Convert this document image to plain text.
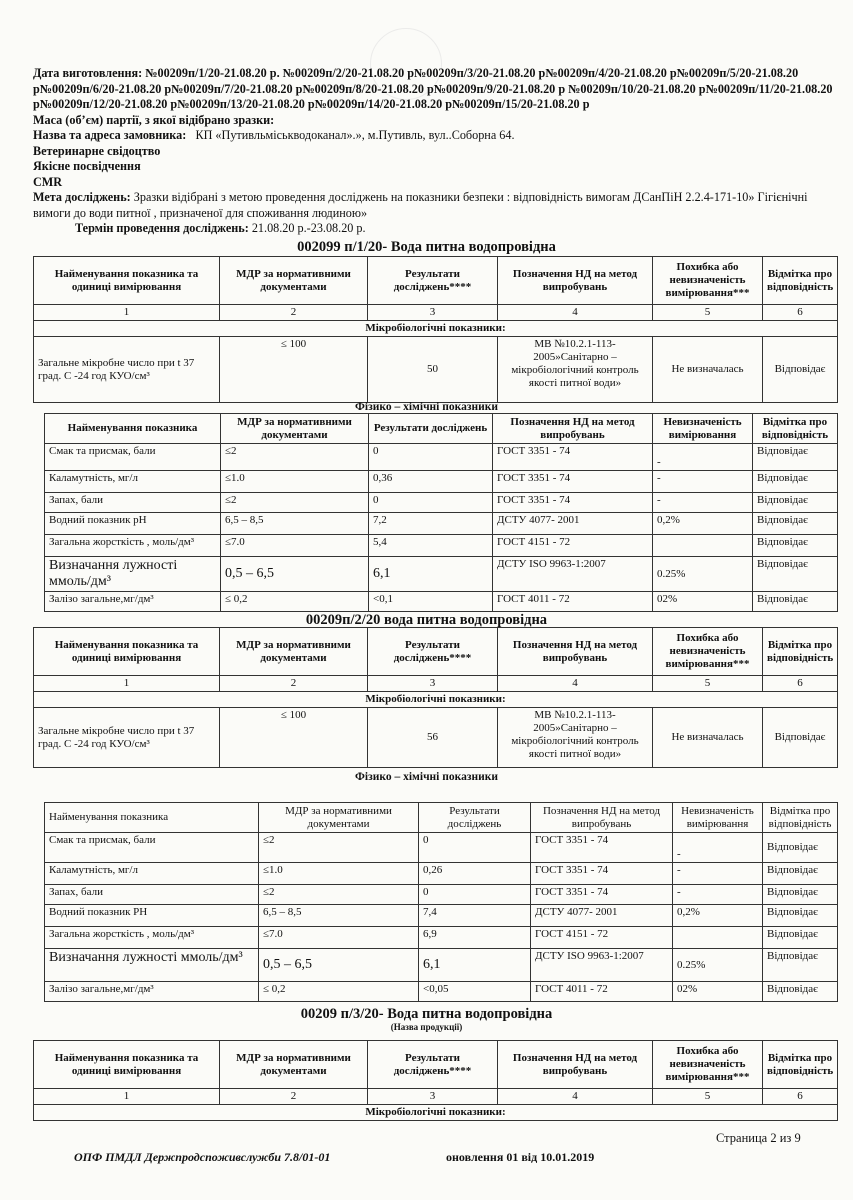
Дата виготовлення: №00209п/1/20-21.08.20 р. №00209п/2/20-21.08.20 р№00209п/3/20-21.08.20 р№00209п/4/20-21.08.20 р№00209п/5/20-21.08.20 р№00209п/6/20-21.08.20 р№00209п/7/20-21.08.20 р№00209п/8/20-21.08.20 р№00209п/9/20-21.08.20 р №00209п/10/20-21.08.20 р№00209п/11/20-21.08.20 р№00209п/12/20-21.08.20 р№00209п/13/20-21.08.20 р№00209п/14/20-21.08.20 р№00209п/15/20-21.08.20 р

Маса (об’єм) партії, з якої відібрано зразки:

Назва та адреса замовника: КП «Путивльміськводоканал».», м.Путивль, вул..Соборна 64.

Ветеринарне свідоцтво

Якісне посвідчення

CMR

Мета досліджень: Зразки відібрані з метою проведення досліджень на показники безпеки : відповідність вимогам ДСанПіН 2.2.4-171-10» Гігієнічні вимоги до води питної , призначеної для споживання людиною»

Термін проведення досліджень: 21.08.20 р.-23.08.20 р.

002099 п/1/20- Вода питна водопровідна
Найменування показника та одиниці вимірювання	МДР за нормативними документами	Результати досліджень****	Позначення НД на метод випробувань	Похибка або невизначеність вимірювання***	Відмітка про відповідність
1	2	3	4	5	6
Мікробіологічні показники:					
Загальне мікробне число при t 37 град. С -24 год КУО/см³	≤ 100	50	МВ №10.2.1-113-2005»Санітарно – мікробіологічний контроль якості питної води»	Не визначалась	Відповідає
Фізико – хімічні показники
Найменування показника	МДР за нормативними документами	Результати досліджень	Позначення НД на метод випробувань	Невизначеність вимірювання	Відмітка про відповідність
Смак та присмак, бали	≤2	0	ГОСТ 3351 - 74	-	Відповідає
Каламутність, мг/л	≤1.0	0,36	ГОСТ 3351 - 74	-	Відповідає
Запах, бали	≤2	0	ГОСТ 3351 - 74	-	Відповідає
Водний показник рН	6,5 – 8,5	7,2	ДСТУ 4077- 2001	0,2%	Відповідає
Загальна жорсткість , моль/дм³	≤7.0	5,4	ГОСТ 4151 - 72		Відповідає
Визначання лужності ммоль/дм³	0,5 – 6,5	6,1	ДСТУ ISO 9963-1:2007	0.25%	Відповідає
Залізо загальне,мг/дм³	≤ 0,2	<0,1	ГОСТ 4011 - 72	02%	Відповідає
00209п/2/20 вода питна водопровідна
Найменування показника та одиниці вимірювання	МДР за нормативними документами	Результати досліджень****	Позначення НД на метод випробувань	Похибка або невизначеність вимірювання***	Відмітка про відповідність
1	2	3	4	5	6
Мікробіологічні показники:					
Загальне мікробне число при t 37 град. С -24 год КУО/см³	≤ 100	56	МВ №10.2.1-113-2005»Санітарно – мікробіологічний контроль якості питної води»	Не визначалась	Відповідає
Фізико – хімічні показники
Найменування показника	МДР за нормативними документами	Результати досліджень	Позначення НД на метод випробувань	Невизначеність вимірювання	Відмітка про відповідність
Смак та присмак, бали	≤2	0	ГОСТ 3351 - 74	-	Відповідає
Каламутність, мг/л	≤1.0	0,26	ГОСТ 3351 - 74	-	Відповідає
Запах, бали	≤2	0	ГОСТ 3351 - 74	-	Відповідає
Водний показник РН	6,5 – 8,5	7,4	ДСТУ 4077- 2001	0,2%	Відповідає
Загальна жорсткість , моль/дм³	≤7.0	6,9	ГОСТ 4151 - 72		Відповідає
Визначання лужності ммоль/дм³	0,5 – 6,5	6,1	ДСТУ ISO 9963-1:2007	0.25%	Відповідає
Залізо загальне,мг/дм³	≤ 0,2	<0,05	ГОСТ 4011 - 72	02%	Відповідає
00209 п/3/20- Вода питна водопровідна
(Назва продукції)
Найменування показника та одиниці вимірювання	МДР за нормативними документами	Результати досліджень****	Позначення НД на метод випробувань	Похибка або невизначеність вимірювання***	Відмітка про відповідність
1	2	3	4	5	6
Мікробіологічні показники:					
Страница 2 из 9
ОПФ ПМДЛ Держпродспоживслужби 7.8/01-01	оновлення 01 від 10.01.2019
